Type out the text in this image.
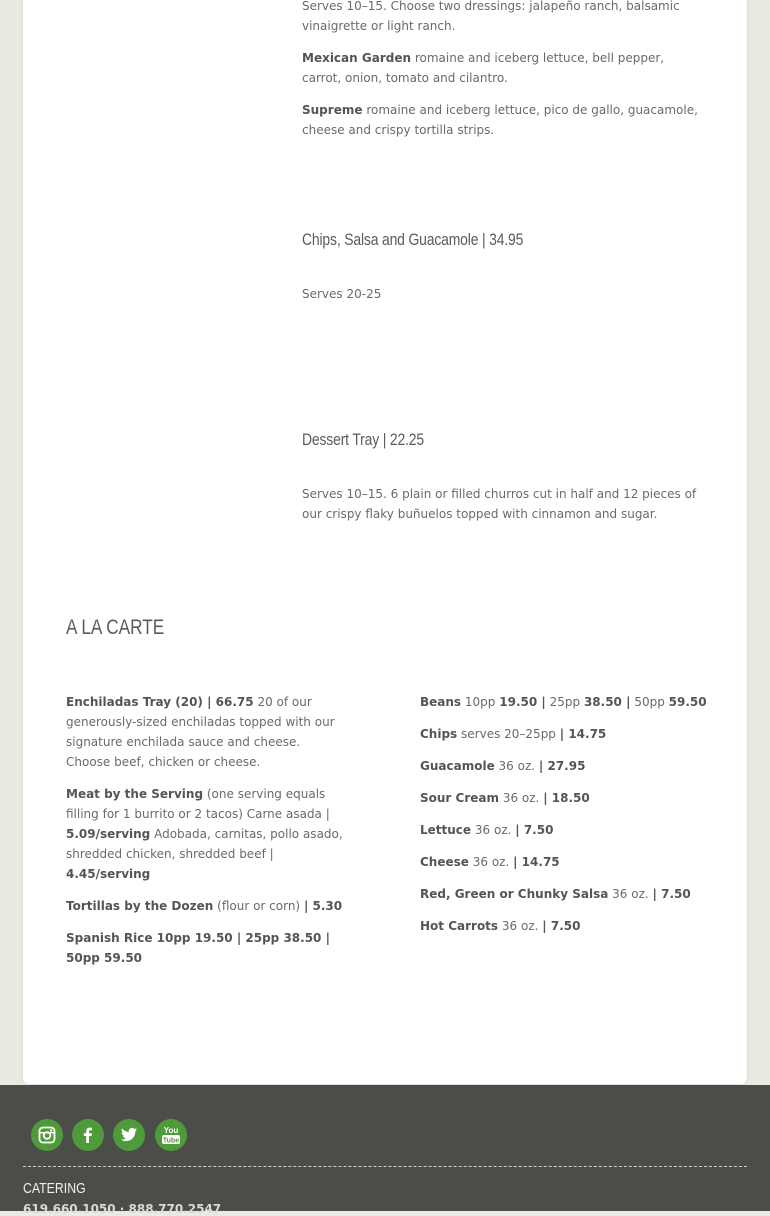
Serves 10–15. Choose two dressings: jalapeño ranch, balsamic vinaigrette or light ranch.

Mexican Garden romaine and iceberg lettuce, bell pepper, carrot, onion, tomato and cilantro.

Supreme romaine and iceberg lettuce, pico de gallo, guacamole, cheese and crispy tortilla strips.

Chips, Salsa and Guacamole | 34.95

Serves 20-25

Dessert Tray | 22.25

Serves 10–15. 6 plain or filled churros cut in half and 12 pieces of our crispy flaky buñuelos topped with cinnamon and sugar.

A LA CARTE

Enchiladas Tray (20) | 66.75 20 of our generously-sized enchiladas topped with our signature enchilada sauce and cheese. Choose beef, chicken or cheese.

Meat by the Serving (one serving equals filling for 1 burrito or 2 tacos) Carne asada | 5.09/serving Adobada, carnitas, pollo asado, shredded chicken, shredded beef | 4.45/serving

Tortillas by the Dozen (flour or corn) | 5.30

Spanish Rice 10pp 19.50 | 25pp 38.50 | 50pp 59.50

Beans 10pp 19.50 | 25pp 38.50 | 50pp 59.50

Chips serves 20–25pp | 14.75

Guacamole 36 oz. | 27.95

Sour Cream 36 oz. | 18.50

Lettuce 36 oz. | 7.50

Cheese 36 oz. | 14.75

Red, Green or Chunky Salsa 36 oz. | 7.50

Hot Carrots 36 oz. | 7.50

You
Tube
CATERING
619.660.1050 · 888.770.2547
